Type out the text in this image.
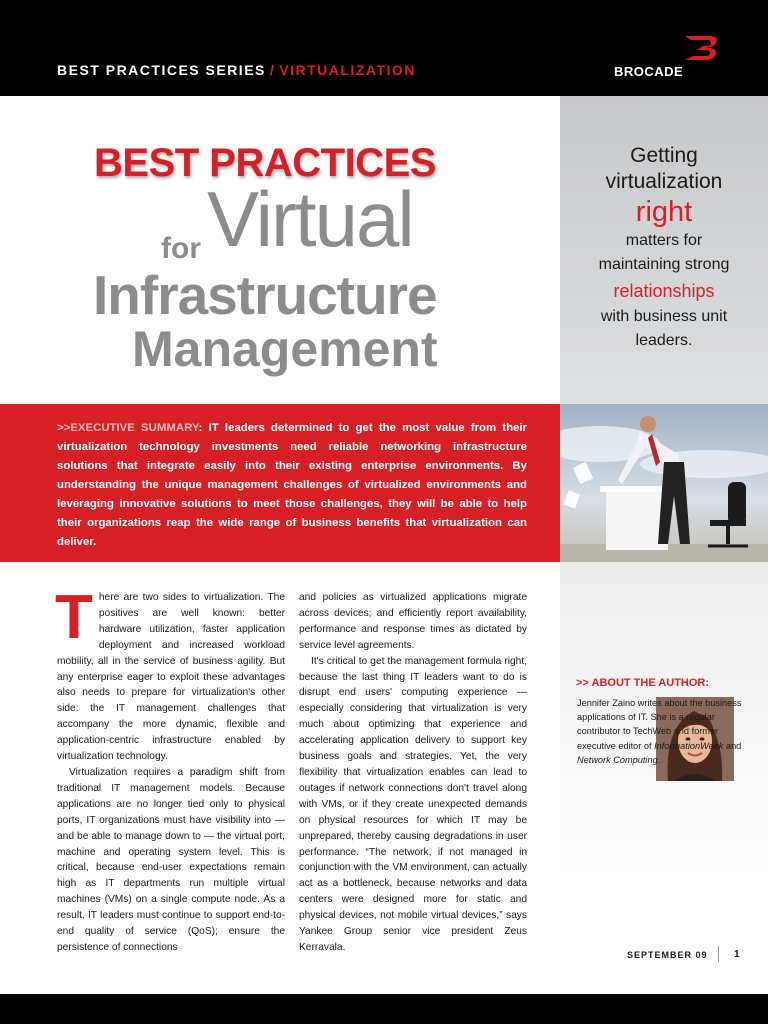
BEST PRACTICES SERIES / VIRTUALIZATION	BROCADE
BEST PRACTICES
Virtual
for
Infrastructure
Management
Getting
virtualization
right
matters for
maintaining strong
relationships
with business unit
leaders.
>>EXECUTIVE SUMMARY: IT leaders determined to get the most value from their virtualization technology investments need reliable networking infrastructure solutions that integrate easily into their existing enterprise environments. By understanding the unique management challenges of virtualized environments and leveraging innovative solutions to meet those challenges, they will be able to help their organizations reap the wide range of business benefits that virtualization can deliver.

There are two sides to virtualization. The positives are well known: better hardware utilization, faster application deployment and increased workload mobility, all in the service of business agility. But any enterprise eager to exploit these advantages also needs to prepare for virtualization's other side: the IT management challenges that accompany the more dynamic, flexible and application-centric infrastructure enabled by virtualization technology.

Virtualization requires a paradigm shift from traditional IT management models. Because applications are no longer tied only to physical ports, IT organizations must have visibility into — and be able to manage down to — the virtual port, machine and operating system level. This is critical, because end-user expectations remain high as IT departments run multiple virtual machines (VMs) on a single compute node. As a result, IT leaders must continue to support end-to-end quality of service (QoS); ensure the persistence of connections

and policies as virtualized applications migrate across devices; and efficiently report availability, performance and response times as dictated by service level agreements.

It's critical to get the management formula right, because the last thing IT leaders want to do is disrupt end users' computing experience — especially considering that virtualization is very much about optimizing that experience and accelerating application delivery to support key business goals and strategies. Yet, the very flexibility that virtualization enables can lead to outages if network connections don't travel along with VMs, or if they create unexpected demands on physical resources for which IT may be unprepared, thereby causing degradations in user performance. “The network, if not managed in conjunction with the VM environment, can actually act as a bottleneck, because networks and data centers were designed more for static and physical devices, not mobile virtual devices,” says Yankee Group senior vice president Zeus Kerravala.

>> ABOUT THE AUTHOR:
Jennifer Zaino writes about the business applications of IT. She is a regular contributor to TechWeb and former executive editor of InformationWeek and Network Computing.
SEPTEMBER 09	1
